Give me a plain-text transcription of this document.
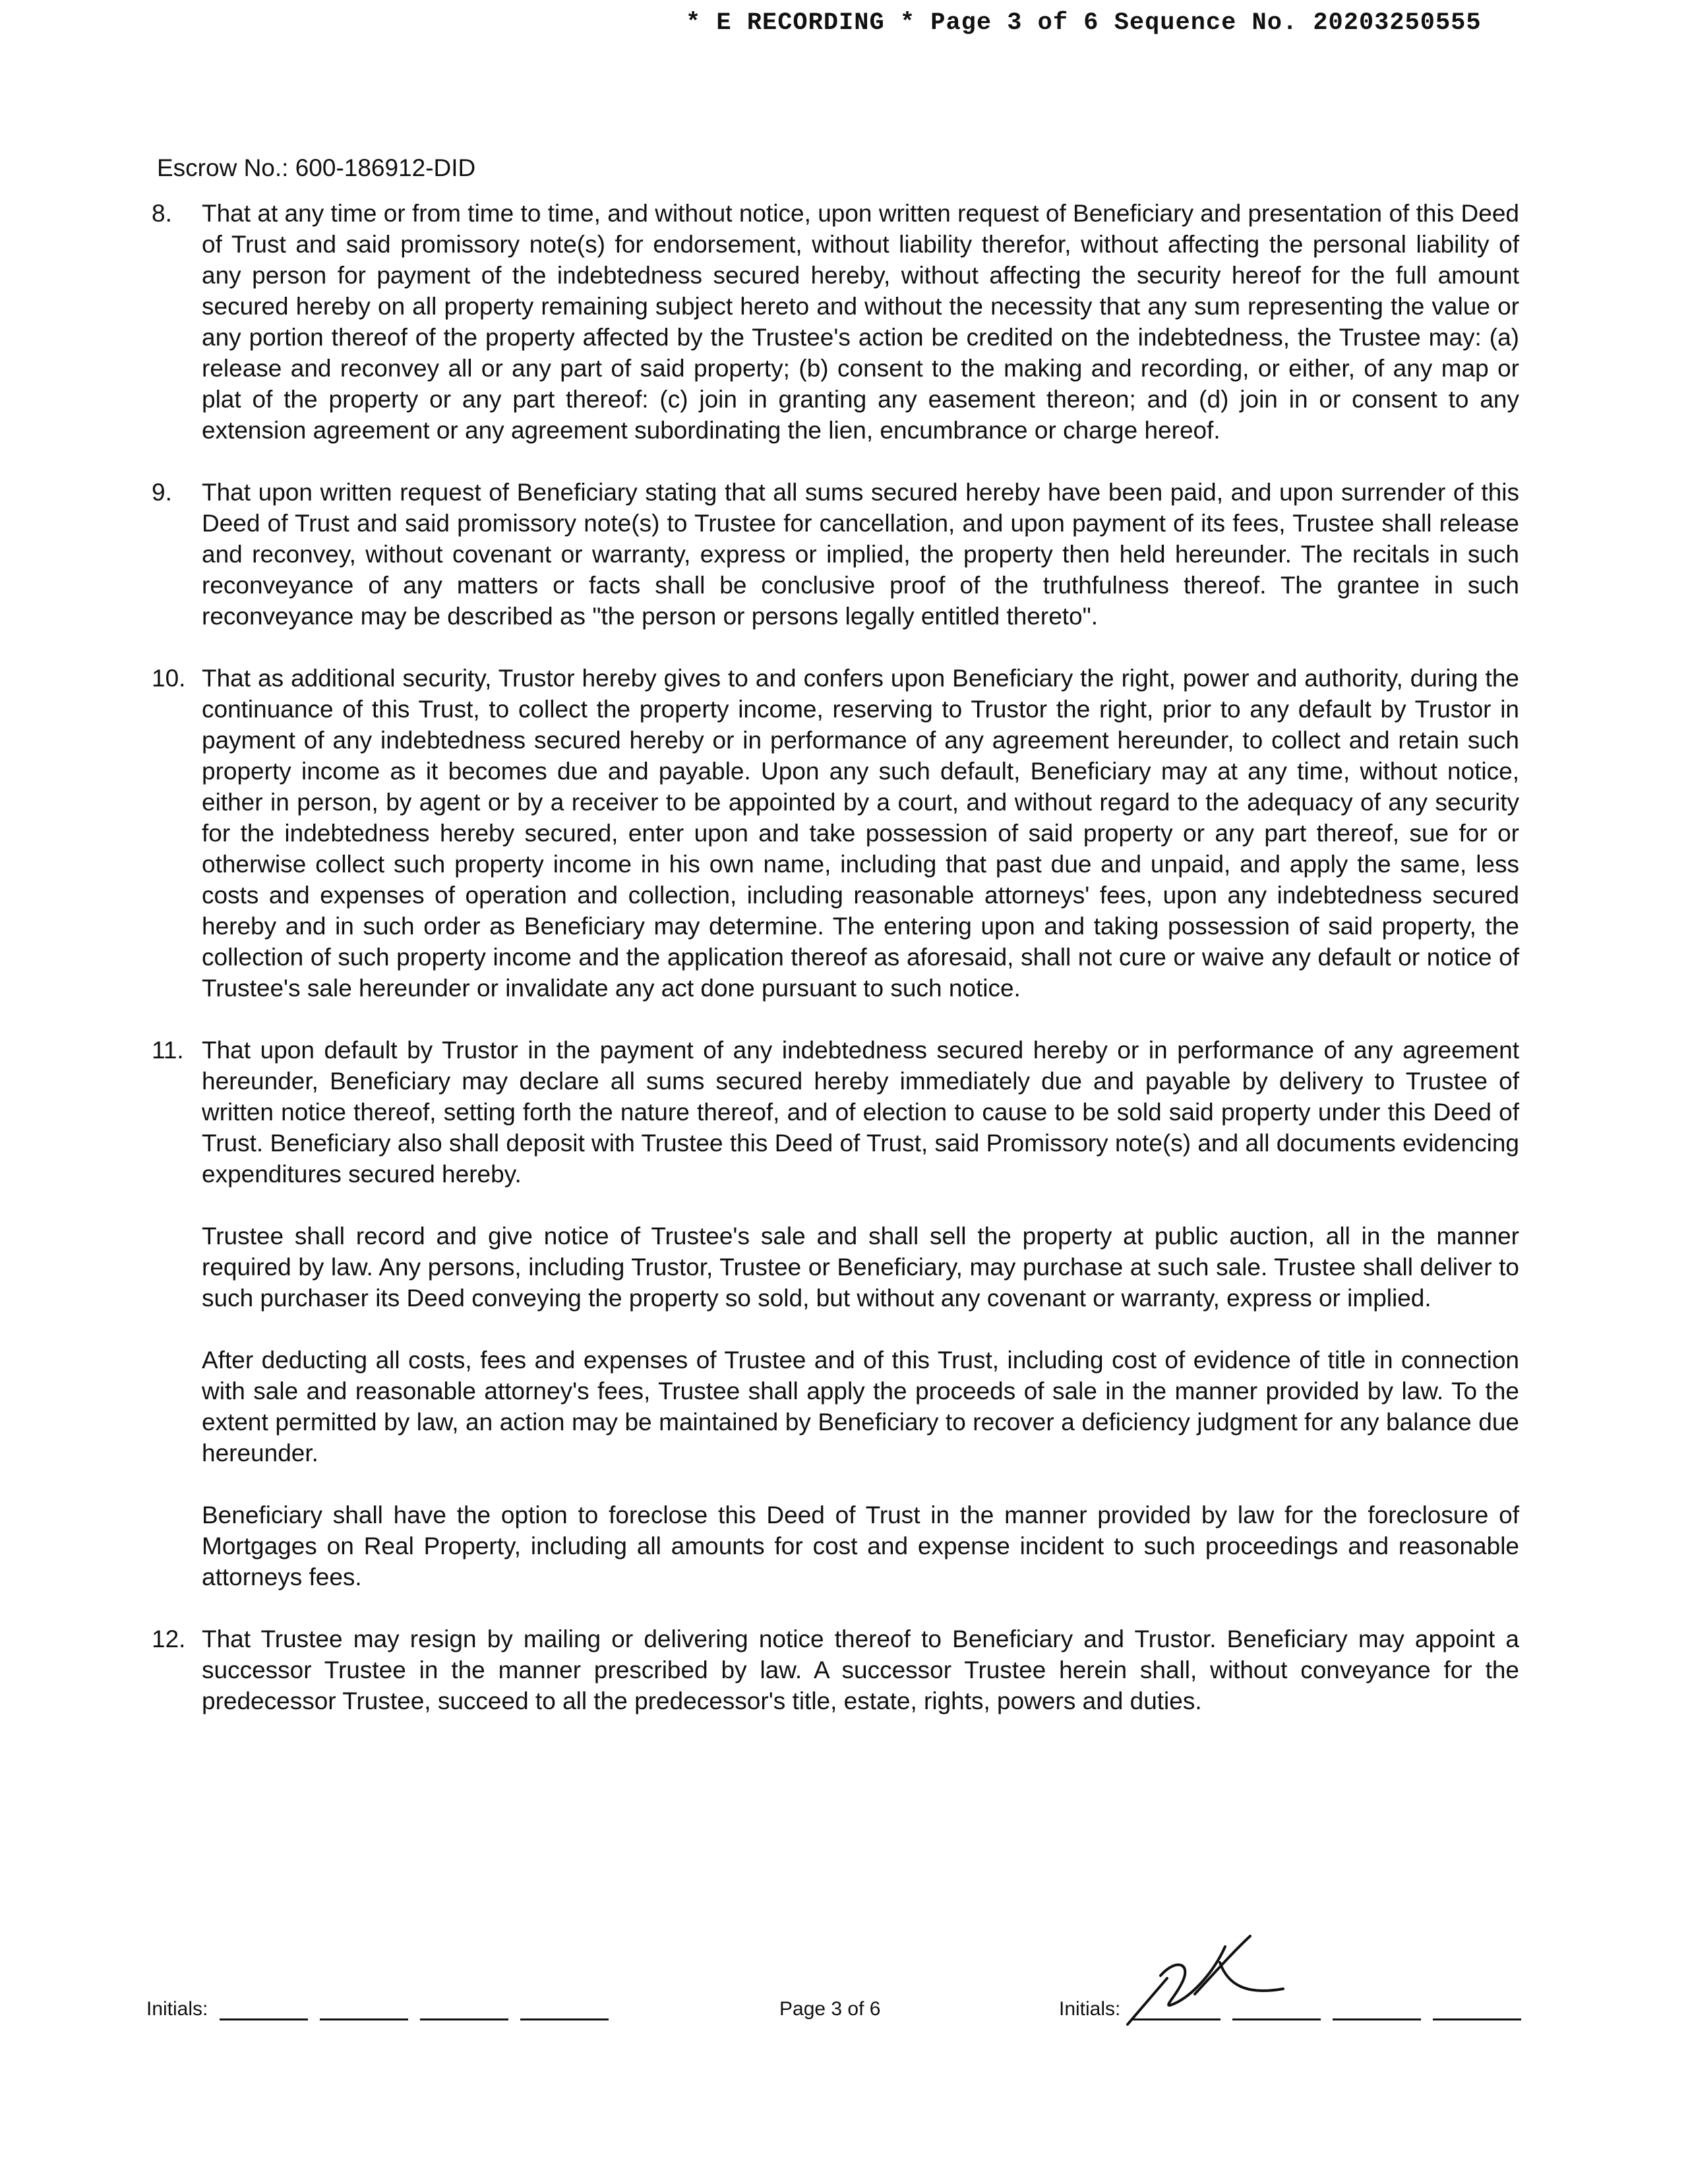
* E RECORDING * Page 3 of 6 Sequence No. 20203250555
Escrow No.: 600-186912-DID
8. That at any time or from time to time, and without notice, upon written request of Beneficiary and presentation of this Deed of Trust and said promissory note(s) for endorsement, without liability therefor, without affecting the personal liability of any person for payment of the indebtedness secured hereby, without affecting the security hereof for the full amount secured hereby on all property remaining subject hereto and without the necessity that any sum representing the value or any portion thereof of the property affected by the Trustee's action be credited on the indebtedness, the Trustee may: (a) release and reconvey all or any part of said property; (b) consent to the making and recording, or either, of any map or plat of the property or any part thereof: (c) join in granting any easement thereon; and (d) join in or consent to any extension agreement or any agreement subordinating the lien, encumbrance or charge hereof.
9. That upon written request of Beneficiary stating that all sums secured hereby have been paid, and upon surrender of this Deed of Trust and said promissory note(s) to Trustee for cancellation, and upon payment of its fees, Trustee shall release and reconvey, without covenant or warranty, express or implied, the property then held hereunder. The recitals in such reconveyance of any matters or facts shall be conclusive proof of the truthfulness thereof. The grantee in such reconveyance may be described as "the person or persons legally entitled thereto".
10. That as additional security, Trustor hereby gives to and confers upon Beneficiary the right, power and authority, during the continuance of this Trust, to collect the property income, reserving to Trustor the right, prior to any default by Trustor in payment of any indebtedness secured hereby or in performance of any agreement hereunder, to collect and retain such property income as it becomes due and payable. Upon any such default, Beneficiary may at any time, without notice, either in person, by agent or by a receiver to be appointed by a court, and without regard to the adequacy of any security for the indebtedness hereby secured, enter upon and take possession of said property or any part thereof, sue for or otherwise collect such property income in his own name, including that past due and unpaid, and apply the same, less costs and expenses of operation and collection, including reasonable attorneys' fees, upon any indebtedness secured hereby and in such order as Beneficiary may determine. The entering upon and taking possession of said property, the collection of such property income and the application thereof as aforesaid, shall not cure or waive any default or notice of Trustee's sale hereunder or invalidate any act done pursuant to such notice.
11. That upon default by Trustor in the payment of any indebtedness secured hereby or in performance of any agreement hereunder, Beneficiary may declare all sums secured hereby immediately due and payable by delivery to Trustee of written notice thereof, setting forth the nature thereof, and of election to cause to be sold said property under this Deed of Trust. Beneficiary also shall deposit with Trustee this Deed of Trust, said Promissory note(s) and all documents evidencing expenditures secured hereby.
Trustee shall record and give notice of Trustee's sale and shall sell the property at public auction, all in the manner required by law. Any persons, including Trustor, Trustee or Beneficiary, may purchase at such sale. Trustee shall deliver to such purchaser its Deed conveying the property so sold, but without any covenant or warranty, express or implied.
After deducting all costs, fees and expenses of Trustee and of this Trust, including cost of evidence of title in connection with sale and reasonable attorney's fees, Trustee shall apply the proceeds of sale in the manner provided by law. To the extent permitted by law, an action may be maintained by Beneficiary to recover a deficiency judgment for any balance due hereunder.
Beneficiary shall have the option to foreclose this Deed of Trust in the manner provided by law for the foreclosure of Mortgages on Real Property, including all amounts for cost and expense incident to such proceedings and reasonable attorneys fees.
12. That Trustee may resign by mailing or delivering notice thereof to Beneficiary and Trustor. Beneficiary may appoint a successor Trustee in the manner prescribed by law. A successor Trustee herein shall, without conveyance for the predecessor Trustee, succeed to all the predecessor's title, estate, rights, powers and duties.
Initials:	Page 3 of 6	Initials:
